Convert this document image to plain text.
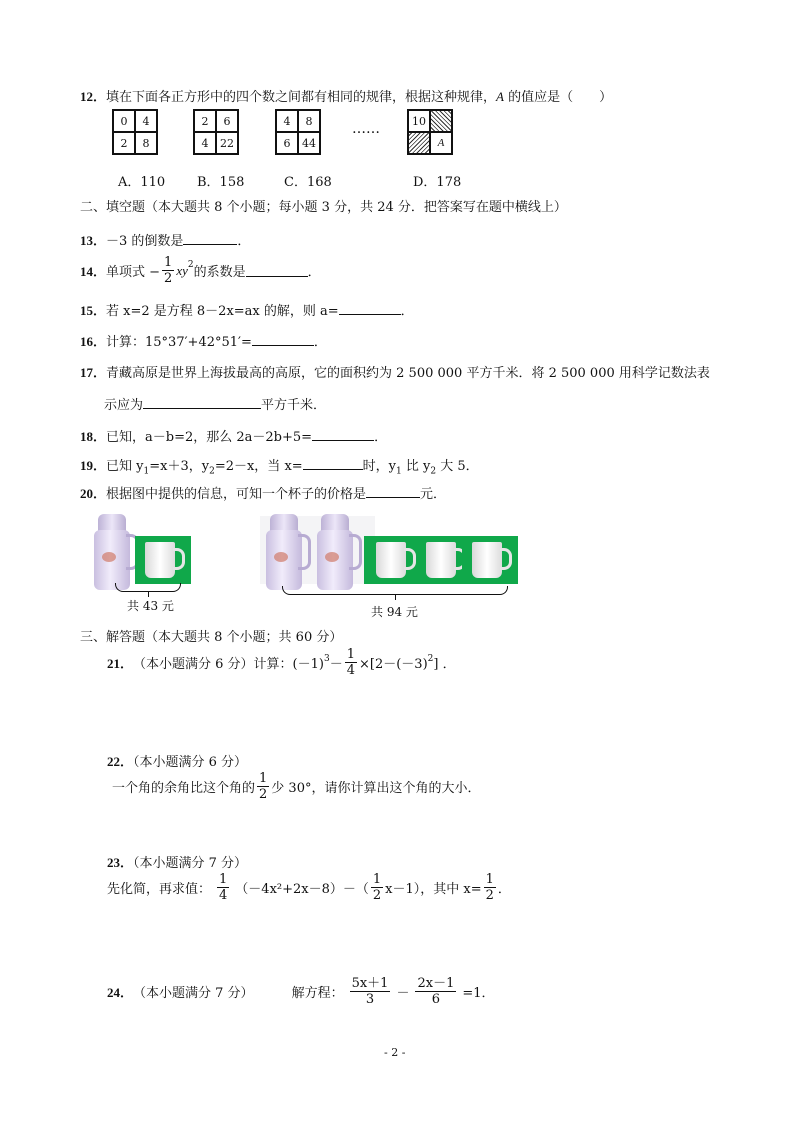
12．填在下面各正方形中的四个数之间都有相同的规律，根据这种规律，A 的值应是（　　）
0	4
2	8
2	6
4	22
4	8
6	44
……	10
A
A．110 B．158	C．168	D．178
二、填空题（本大题共 8 个小题；每小题 3 分，共 24 分．把答案写在题中横线上）
13．－3 的倒数是	．
14． 单项式 − $\frac{1}{2} xy^2$ 的系数是	．
15．若 x=2 是方程 8－2x=ax 的解，则 a=	．
16．计算：15°37′+42°51′=	．
17．青藏高原是世界上海拔最高的高原，它的面积约为 2 500 000 平方千米．将 2 500 000 用科学记数法表
示应为	平方千米．
18．已知，a－b=2，那么 2a－2b+5=	．
19．已知 $y_1=x+3$，$y_2=2-x$，当 x=	时，$y_1$ 比 $y_2$ 大 5．
20．根据图中提供的信息，可知一个杯子的价格是	元．
共 43 元	共 94 元
三、解答题（本大题共 8 个小题；共 60 分）
21． （本小题满分 6 分）计算：$(-1)^3 - \frac{1}{4} \times[2-(-3)^2$ ] ．
22．（本小题满分 6 分）
一个角的余角比这个角的 $\frac{1}{2}$ 少 30°，请你计算出这个角的大小．
23．（本小题满分 7 分）
先化简，再求值： $\frac{1}{4} (-4x^2+2x-8)-( \frac{1}{2} x-1)$，其中 $x= \frac{1}{2}$ ．
24． （本小题满分 7 分）	解方程： $\frac{5x+1}{3} - \frac{2x-1}{6} =1$．
- 2 -
